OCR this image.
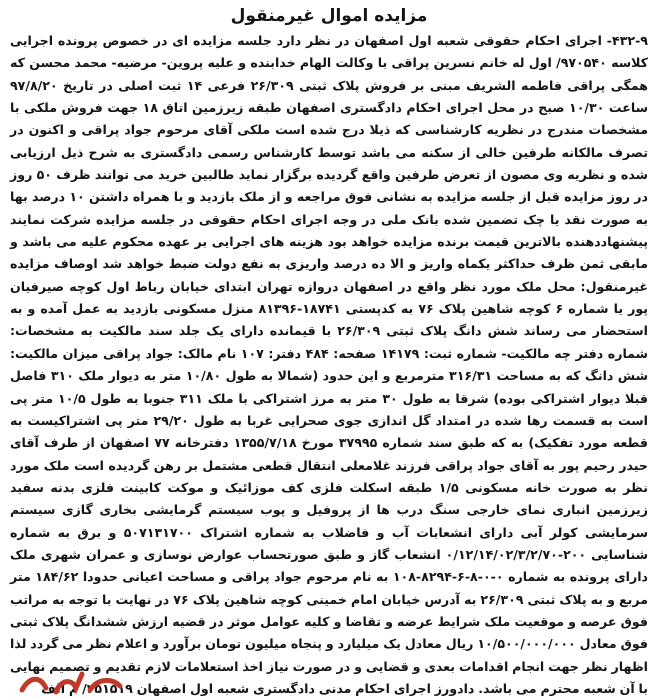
مزایده اموال غیرمنقول

۴۳۲-۹- اجرای احکام حقوقی شعبه اول اصفهان در نظر دارد جلسه مزایده ای در خصوص پرونده اجرایی کلاسه ۹۷۰۵۴۰/ اول له خانم نسرین پراقی با وکالت الهام خدابنده و علیه پروین- مرضیه- محمد محسن که همگی پراقی فاطمه الشریف مبنی بر فروش پلاک ثبتی ۲۶/۳۰۹ فرعی ۱۴ ثبت اصلی در تاریخ ۹۷/۸/۲۰ ساعت ۱۰/۳۰ صبح در محل اجرای احکام دادگستری اصفهان طبقه زیرزمین اتاق ۱۸ جهت فروش ملکی با مشخصات مندرج در نظریه کارشناسی که ذیلا درج شده است ملکی آقای مرحوم جواد پراقی و اکنون در تصرف مالکانه طرفین خالی از سکنه می باشد توسط کارشناس رسمی دادگستری به شرح ذیل ارزیابی شده و نظریه وی مصون از تعرض طرفین واقع گردیده برگزار نماید طالبین خرید می توانند ظرف ۵۰ روز در روز مزایده قبل از جلسه مزایده به نشانی فوق مراجعه و از ملک بازدید و با همراه داشتن ۱۰ درصد بها به صورت نقد یا چک تضمین شده بانک ملی در وجه اجرای احکام حقوقی در جلسه مزایده شرکت نمایند پیشنهاددهنده بالاترین قیمت برنده مزایده خواهد بود هزینه های اجرایی بر عهده محکوم علیه می باشد و مابقی ثمن ظرف حداکثر یکماه واریز و الا ده درصد واریزی به نفع دولت ضبط خواهد شد اوصاف مزایده غیرمنقول: محل ملک مورد نظر واقع در اصفهان دروازه تهران ابتدای خیابان رباط اول کوچه صیرفیان پور یا شماره ۶ کوچه شاهین پلاک ۷۶ به کدپستی ۱۸۷۴۱-۸۱۳۹۶ منزل مسکونی بازدید به عمل آمده و به استحضار می رساند شش دانگ پلاک ثبتی ۲۶/۳۰۹ با قیمانده دارای یک جلد سند مالکیت به مشخصات: شماره دفتر چه مالکیت- شماره ثبت: ۱۴۱۷۹ صفحه: ۴۸۴ دفتر: ۱۰۷ نام مالک: جواد پراقی میزان مالکیت: شش دانگ که به مساحت ۳۱۶/۳۱ مترمربع و این حدود (شمالا به طول ۱۰/۸۰ متر به دیوار ملک ۳۱۰ فاصل قبلا دیوار اشتراکی بوده) شرقا به طول ۳۰ متر به مرز اشتراکی با ملک ۳۱۱ جنوبا به طول ۱۰/۵ متر پی است به قسمت رها شده در امتداد گل اندازی جوی صحرایی غربا به طول ۲۹/۲۰ متر پی اشتراکیست به قطعه مورد تفکیک) به که طبق سند شماره ۳۷۹۹۵ مورخ ۱۳۵۵/۷/۱۸ دفترخانه ۷۷ اصفهان از طرف آقای حیدر رحیم پور به آقای جواد پراقی فرزند غلامعلی انتقال قطعی مشتمل بر رهن گردیده است ملک مورد نظر به صورت خانه مسکونی ۱/۵ طبقه اسکلت فلزی کف موزائیک و موکت کابینت فلزی بدنه سفید زیرزمین انباری نمای خارجی سنگ درب ها از پروفیل و پوب سیستم گرمایشی بخاری گازی سیستم سرمایشی کولر آبی دارای انشعابات آب و فاضلاب به شماره اشتراک ۵۰۷۱۳۱۷۰۰ و برق به شماره شناسایی ۲۰۰-۰/۱۲/۱۴/۰۲/۳/۲/۷۰ انشعاب گاز و طبق صورتحساب عوارض نوسازی و عمران شهری ملک دارای پرونده به شماره ۰-۰-۸-۶-۸۲۹۴-۱۰۸ به نام مرحوم جواد پراقی و مساحت اعیانی حدودا ۱۸۴/۶۲ متر مربع و به پلاک ثبتی ۲۶/۳۰۹ به آدرس خیابان امام خمینی کوچه شاهین پلاک ۷۶ در نهایت با توجه به مراتب فوق عرصه و موقعیت ملک شرایط عرضه و تقاضا و کلیه عوامل موثر در قضیه ارزش ششدانگ پلاک ثبتی فوق معادل ۱۰/۵۰۰/۰۰۰/۰۰۰ ریال معادل یک میلیارد و پنجاه میلیون تومان برآورد و اعلام نظر می گردد لذا اظهار نظر جهت انجام اقدامات بعدی و قضایی و در صورت نیاز اخذ استعلامات لازم تقدیم و تصمیم نهایی با آن شعبه محترم می باشد. دادورز اجرای احکام مدنی دادگستری شعبه اول اصفهان ۲۵۱۵۱۹/ م الف
